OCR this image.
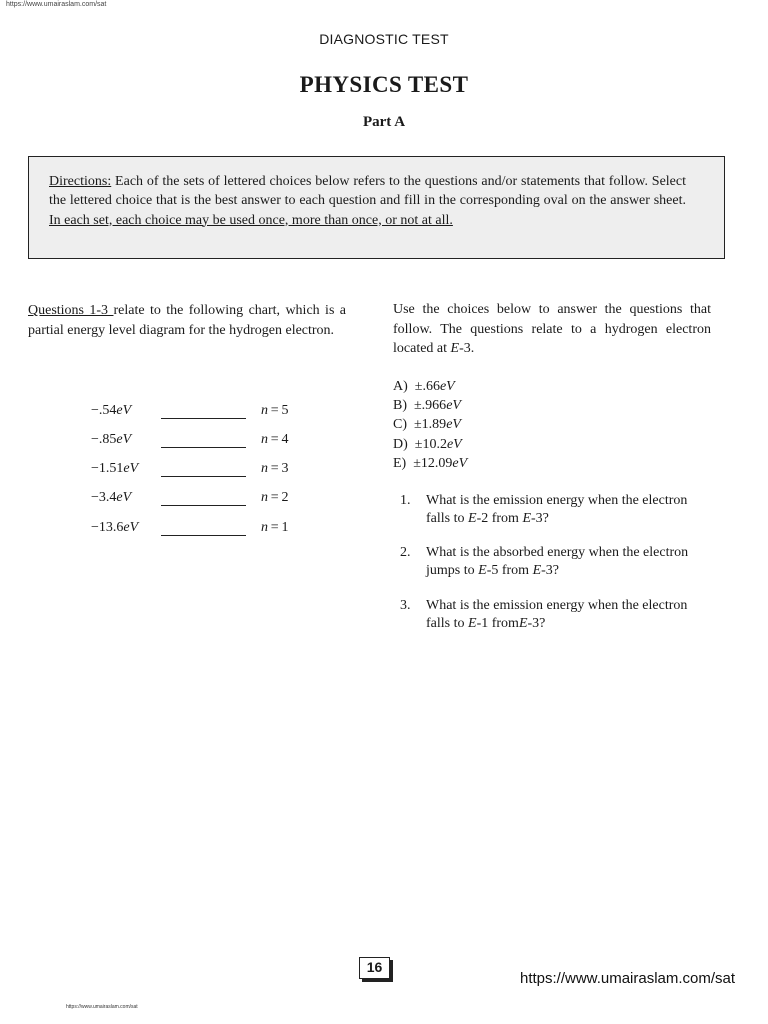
https://www.umairaslam.com/sat
DIAGNOSTIC TEST
PHYSICS TEST
Part A
Directions: Each of the sets of lettered choices below refers to the questions and/or statements that follow. Select the lettered choice that is the best answer to each question and fill in the corresponding oval on the answer sheet. In each set, each choice may be used once, more than once, or not at all.
Questions 1-3 relate to the following chart, which is a partial energy level diagram for the hydrogen electron.
−.54eV	n = 5
−.85eV	n = 4
−1.51eV	n = 3
−3.4eV	n = 2
−13.6eV	n = 1
Use the choices below to answer the questions that follow. The questions relate to a hydrogen electron located at E-3.
A) ±.66eV
B) ±.966eV
C) ±1.89eV
D) ±10.2eV
E) ±12.09eV
1. What is the emission energy when the electron falls to E-2 from E-3?
2. What is the absorbed energy when the electron jumps to E-5 from E-3?
3. What is the emission energy when the electron falls to E-1 fromE-3?
16
https://www.umairaslam.com/sat
https://www.umairaslam.com/sat
